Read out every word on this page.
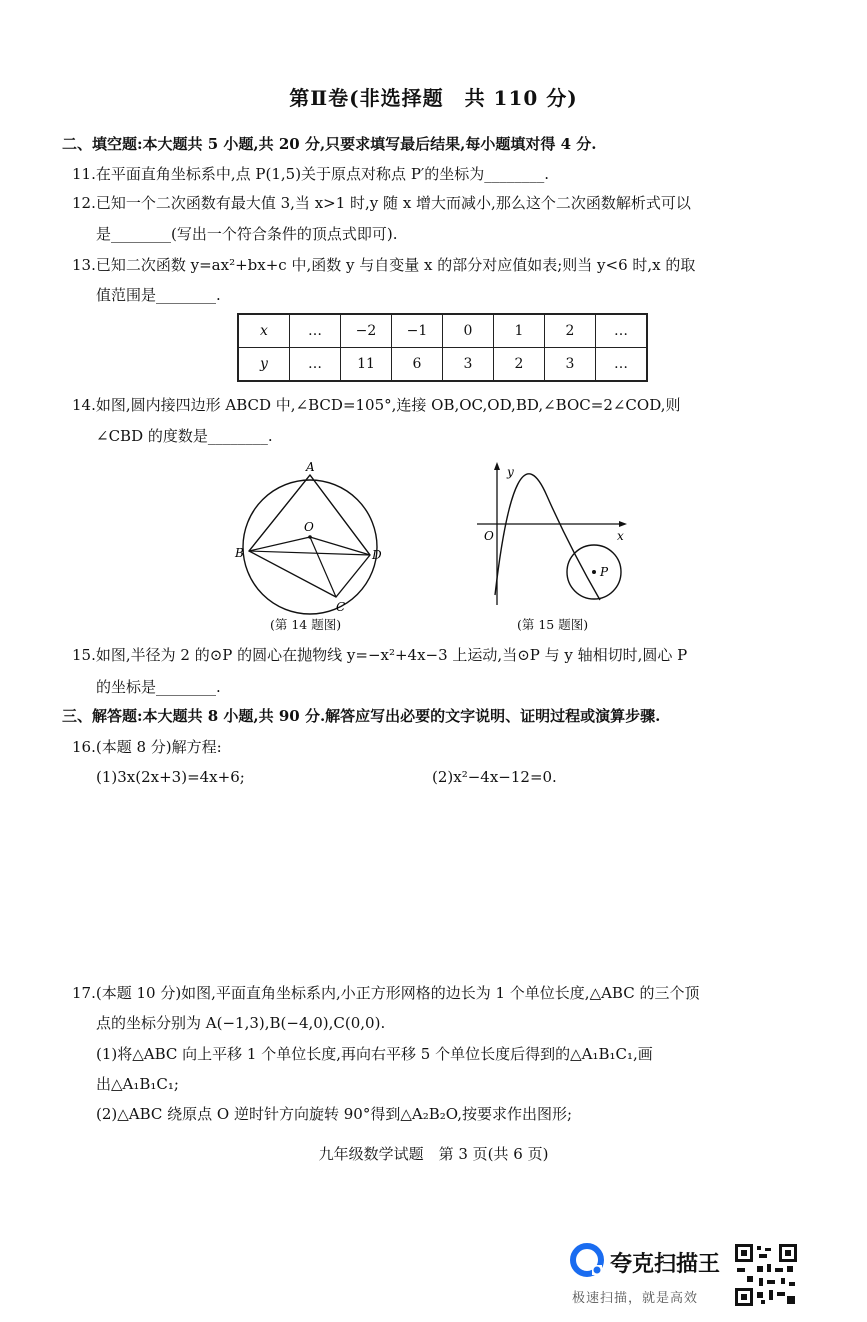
第Ⅱ卷(非选择题　共 110 分)
二、填空题:本大题共 5 小题,共 20 分,只要求填写最后结果,每小题填对得 4 分.
11.在平面直角坐标系中,点 P(1,5)关于原点对称点 P′的坐标为________.
12.已知一个二次函数有最大值 3,当 x>1 时,y 随 x 增大而减小,那么这个二次函数解析式可以
是________(写出一个符合条件的顶点式即可).
13.已知二次函数 y=ax²+bx+c 中,函数 y 与自变量 x 的部分对应值如表;则当 y<6 时,x 的取
值范围是________.
x	…	−2	−1	0	1	2	…
y	…	11	6	3	2	3	…
14.如图,圆内接四边形 ABCD 中,∠BCD=105°,连接 OB,OC,OD,BD,∠BOC=2∠COD,则
∠CBD 的度数是________.
A
B
C
D
O
(第 14 题图)
y
x
O
P
(第 15 题图)
15.如图,半径为 2 的⊙P 的圆心在抛物线 y=−x²+4x−3 上运动,当⊙P 与 y 轴相切时,圆心 P
的坐标是________.
三、解答题:本大题共 8 小题,共 90 分.解答应写出必要的文字说明、证明过程或演算步骤.
16.(本题 8 分)解方程:
(1)3x(2x+3)=4x+6;	(2)x²−4x−12=0.
17.(本题 10 分)如图,平面直角坐标系内,小正方形网格的边长为 1 个单位长度,△ABC 的三个顶
点的坐标分别为 A(−1,3),B(−4,0),C(0,0).
(1)将△ABC 向上平移 1 个单位长度,再向右平移 5 个单位长度后得到的△A₁B₁C₁,画
出△A₁B₁C₁;
(2)△ABC 绕原点 O 逆时针方向旋转 90°得到△A₂B₂O,按要求作出图形;
九年级数学试题　第 3 页(共 6 页)
夸克扫描王
极速扫描，就是高效
